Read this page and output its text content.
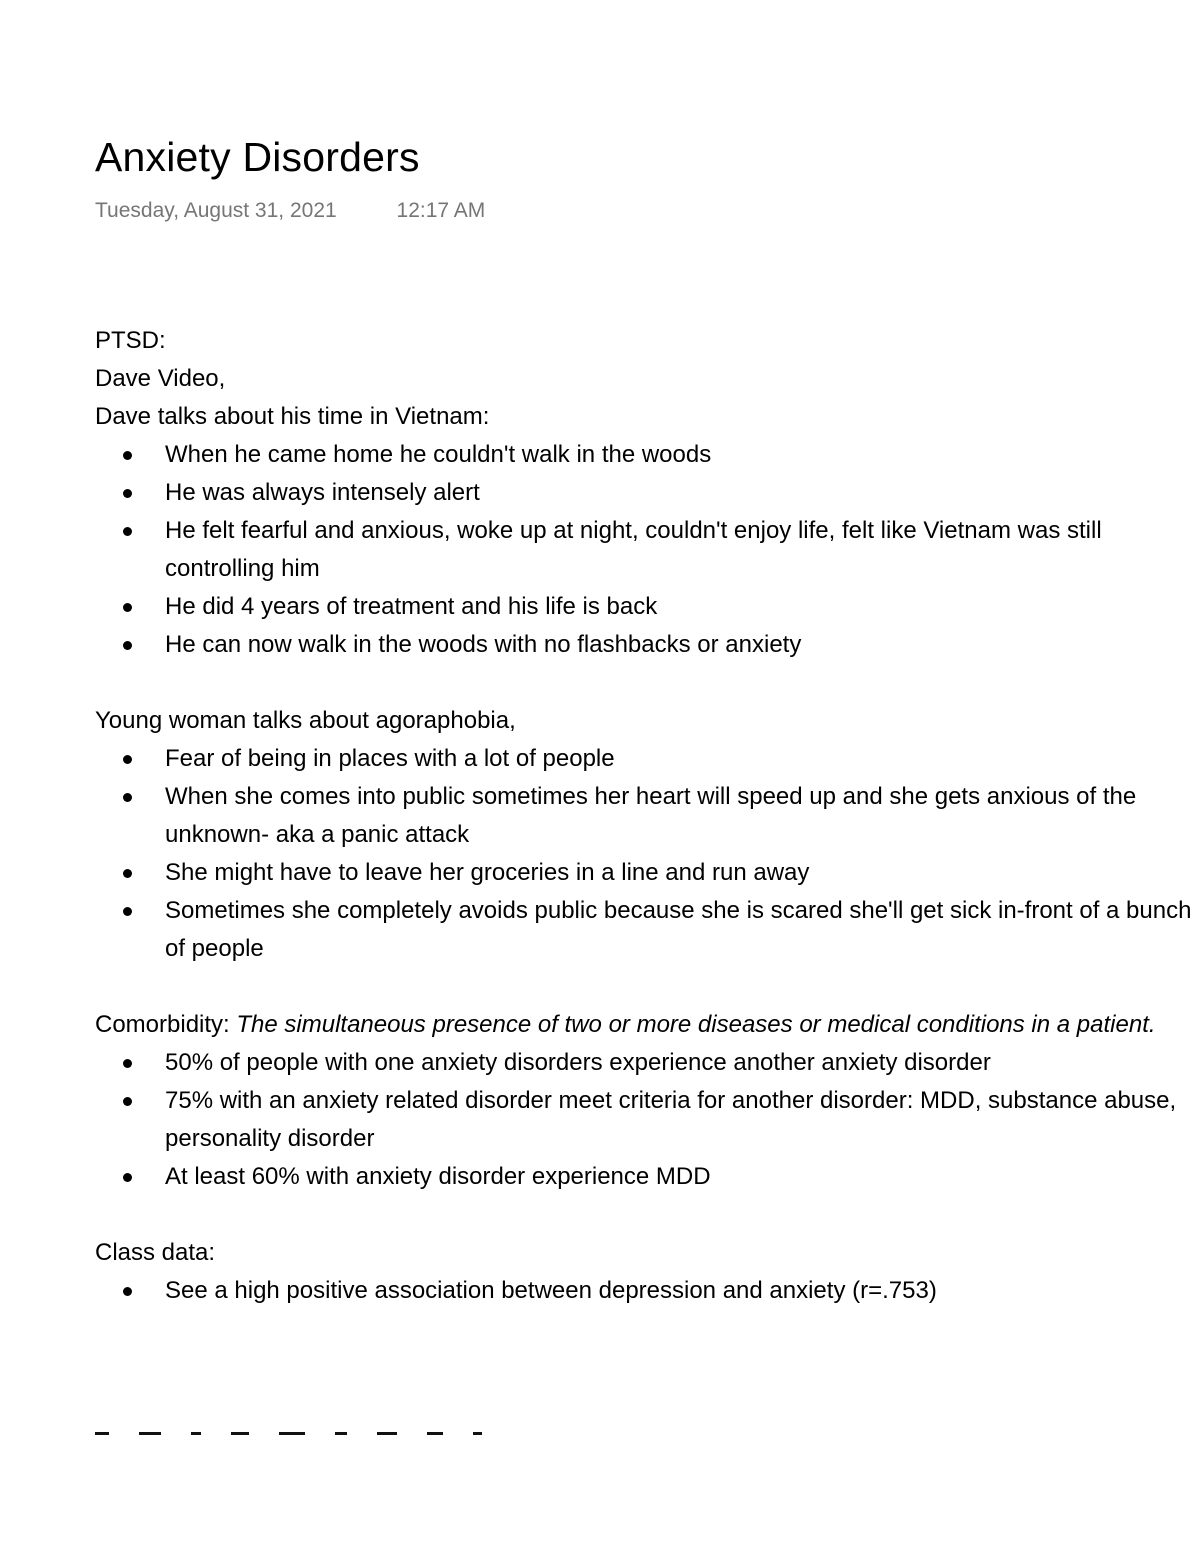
Anxiety Disorders
Tuesday, August 31, 2021	12:17 AM

PTSD:

Dave Video,

Dave talks about his time in Vietnam:

When he came home he couldn't walk in the woods
He was always intensely alert
He felt fearful and anxious, woke up at night, couldn't enjoy life, felt like Vietnam was still controlling him
He did 4 years of treatment and his life is back
He can now walk in the woods with no flashbacks or anxiety

Young woman talks about agoraphobia,

Fear of being in places with a lot of people
When she comes into public sometimes her heart will speed up and she gets anxious of the unknown- aka a panic attack
She might have to leave her groceries in a line and run away
Sometimes she completely avoids public because she is scared she'll get sick in-front of a bunch of people

Comorbidity: The simultaneous presence of two or more diseases or medical conditions in a patient.

50% of people with one anxiety disorders experience another anxiety disorder
75% with an anxiety related disorder meet criteria for another disorder: MDD, substance abuse, personality disorder
At least 60% with anxiety disorder experience MDD

Class data:

See a high positive association between depression and anxiety (r=.753)
